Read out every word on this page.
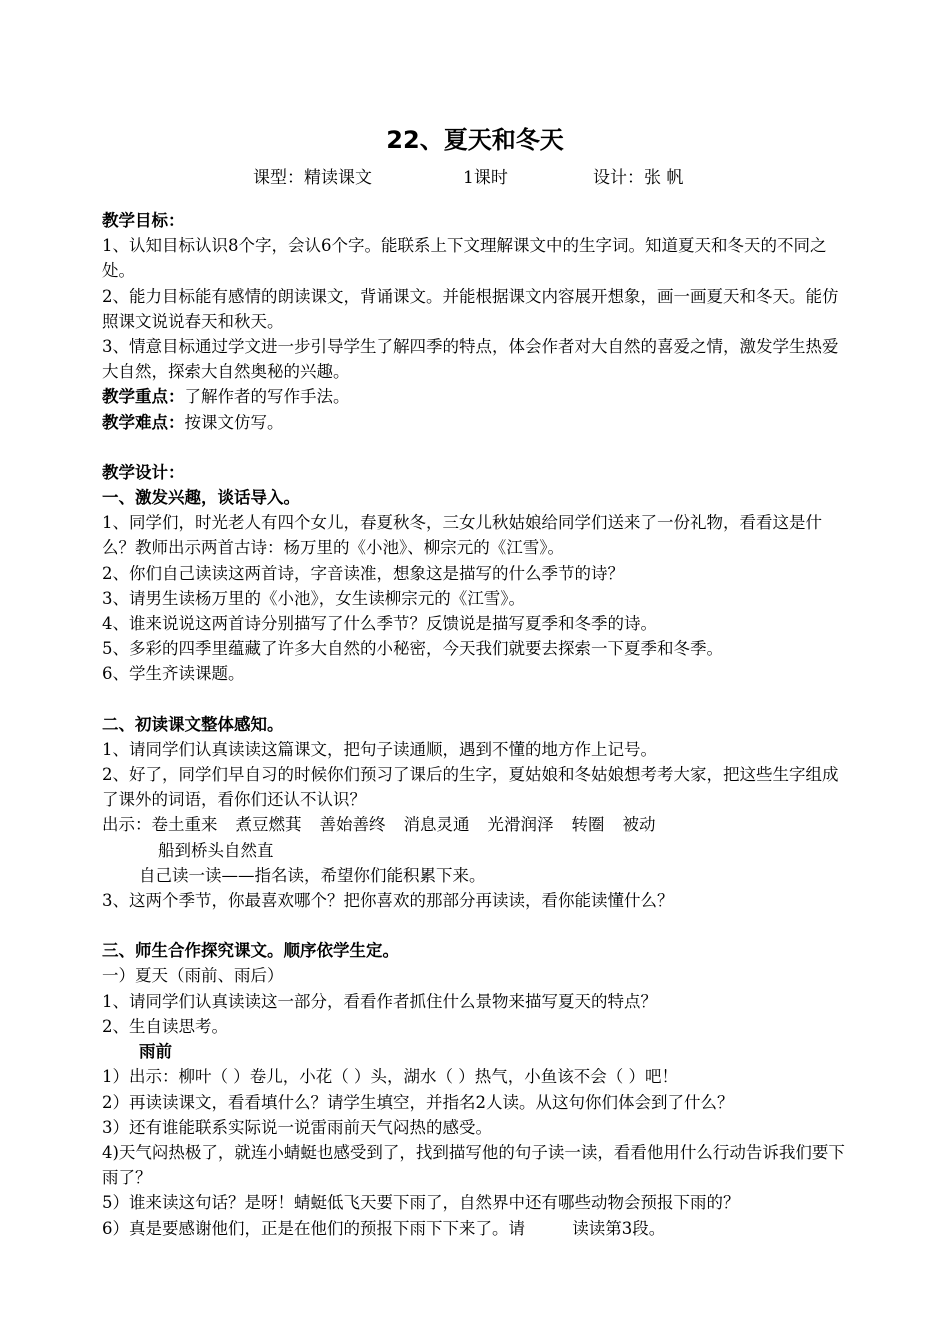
22、夏天和冬天
课型：精读课文	1课时	设计：张 帆

教学目标：

1、认知目标认识8个字，会认6个字。能联系上下文理解课文中的生字词。知道夏天和冬天的不同之处。

2、能力目标能有感情的朗读课文，背诵课文。并能根据课文内容展开想象，画一画夏天和冬天。能仿照课文说说春天和秋天。

3、情意目标通过学文进一步引导学生了解四季的特点，体会作者对大自然的喜爱之情，激发学生热爱大自然，探索大自然奥秘的兴趣。

教学重点：了解作者的写作手法。

教学难点：按课文仿写。

教学设计：

一、激发兴趣，谈话导入。

1、同学们，时光老人有四个女儿，春夏秋冬，三女儿秋姑娘给同学们送来了一份礼物，看看这是什么？教师出示两首古诗：杨万里的《小池》、柳宗元的《江雪》。

2、你们自己读读这两首诗，字音读准，想象这是描写的什么季节的诗？

3、请男生读杨万里的《小池》，女生读柳宗元的《江雪》。

4、谁来说说这两首诗分别描写了什么季节？反馈说是描写夏季和冬季的诗。

5、多彩的四季里蕴藏了许多大自然的小秘密，今天我们就要去探索一下夏季和冬季。

6、学生齐读课题。

二、初读课文整体感知。

1、请同学们认真读读这篇课文，把句子读通顺，遇到不懂的地方作上记号。

2、好了，同学们早自习的时候你们预习了课后的生字，夏姑娘和冬姑娘想考考大家，把这些生字组成了课外的词语，看你们还认不认识？

出示：卷土重来 煮豆燃萁 善始善终 消息灵通 光滑润泽 转圈 被动

船到桥头自然直

自己读一读——指名读，希望你们能积累下来。

3、这两个季节，你最喜欢哪个？把你喜欢的那部分再读读，看你能读懂什么？

三、师生合作探究课文。顺序依学生定。

一）夏天（雨前、雨后）

1、请同学们认真读读这一部分，看看作者抓住什么景物来描写夏天的特点？

2、生自读思考。

雨前

1）出示：柳叶（ ）卷儿，小花（ ）头，湖水（ ）热气，小鱼该不会（ ）吧！

2）再读读课文，看看填什么？请学生填空，并指名2人读。从这句你们体会到了什么？

3）还有谁能联系实际说一说雷雨前天气闷热的感受。

4)天气闷热极了，就连小蜻蜓也感受到了，找到描写他的句子读一读，看看他用什么行动告诉我们要下雨了？

5）谁来读这句话？是呀！蜻蜓低飞天要下雨了，自然界中还有哪些动物会预报下雨的？

6）真是要感谢他们，正是在他们的预报下雨下下来了。请         读读第3段。
